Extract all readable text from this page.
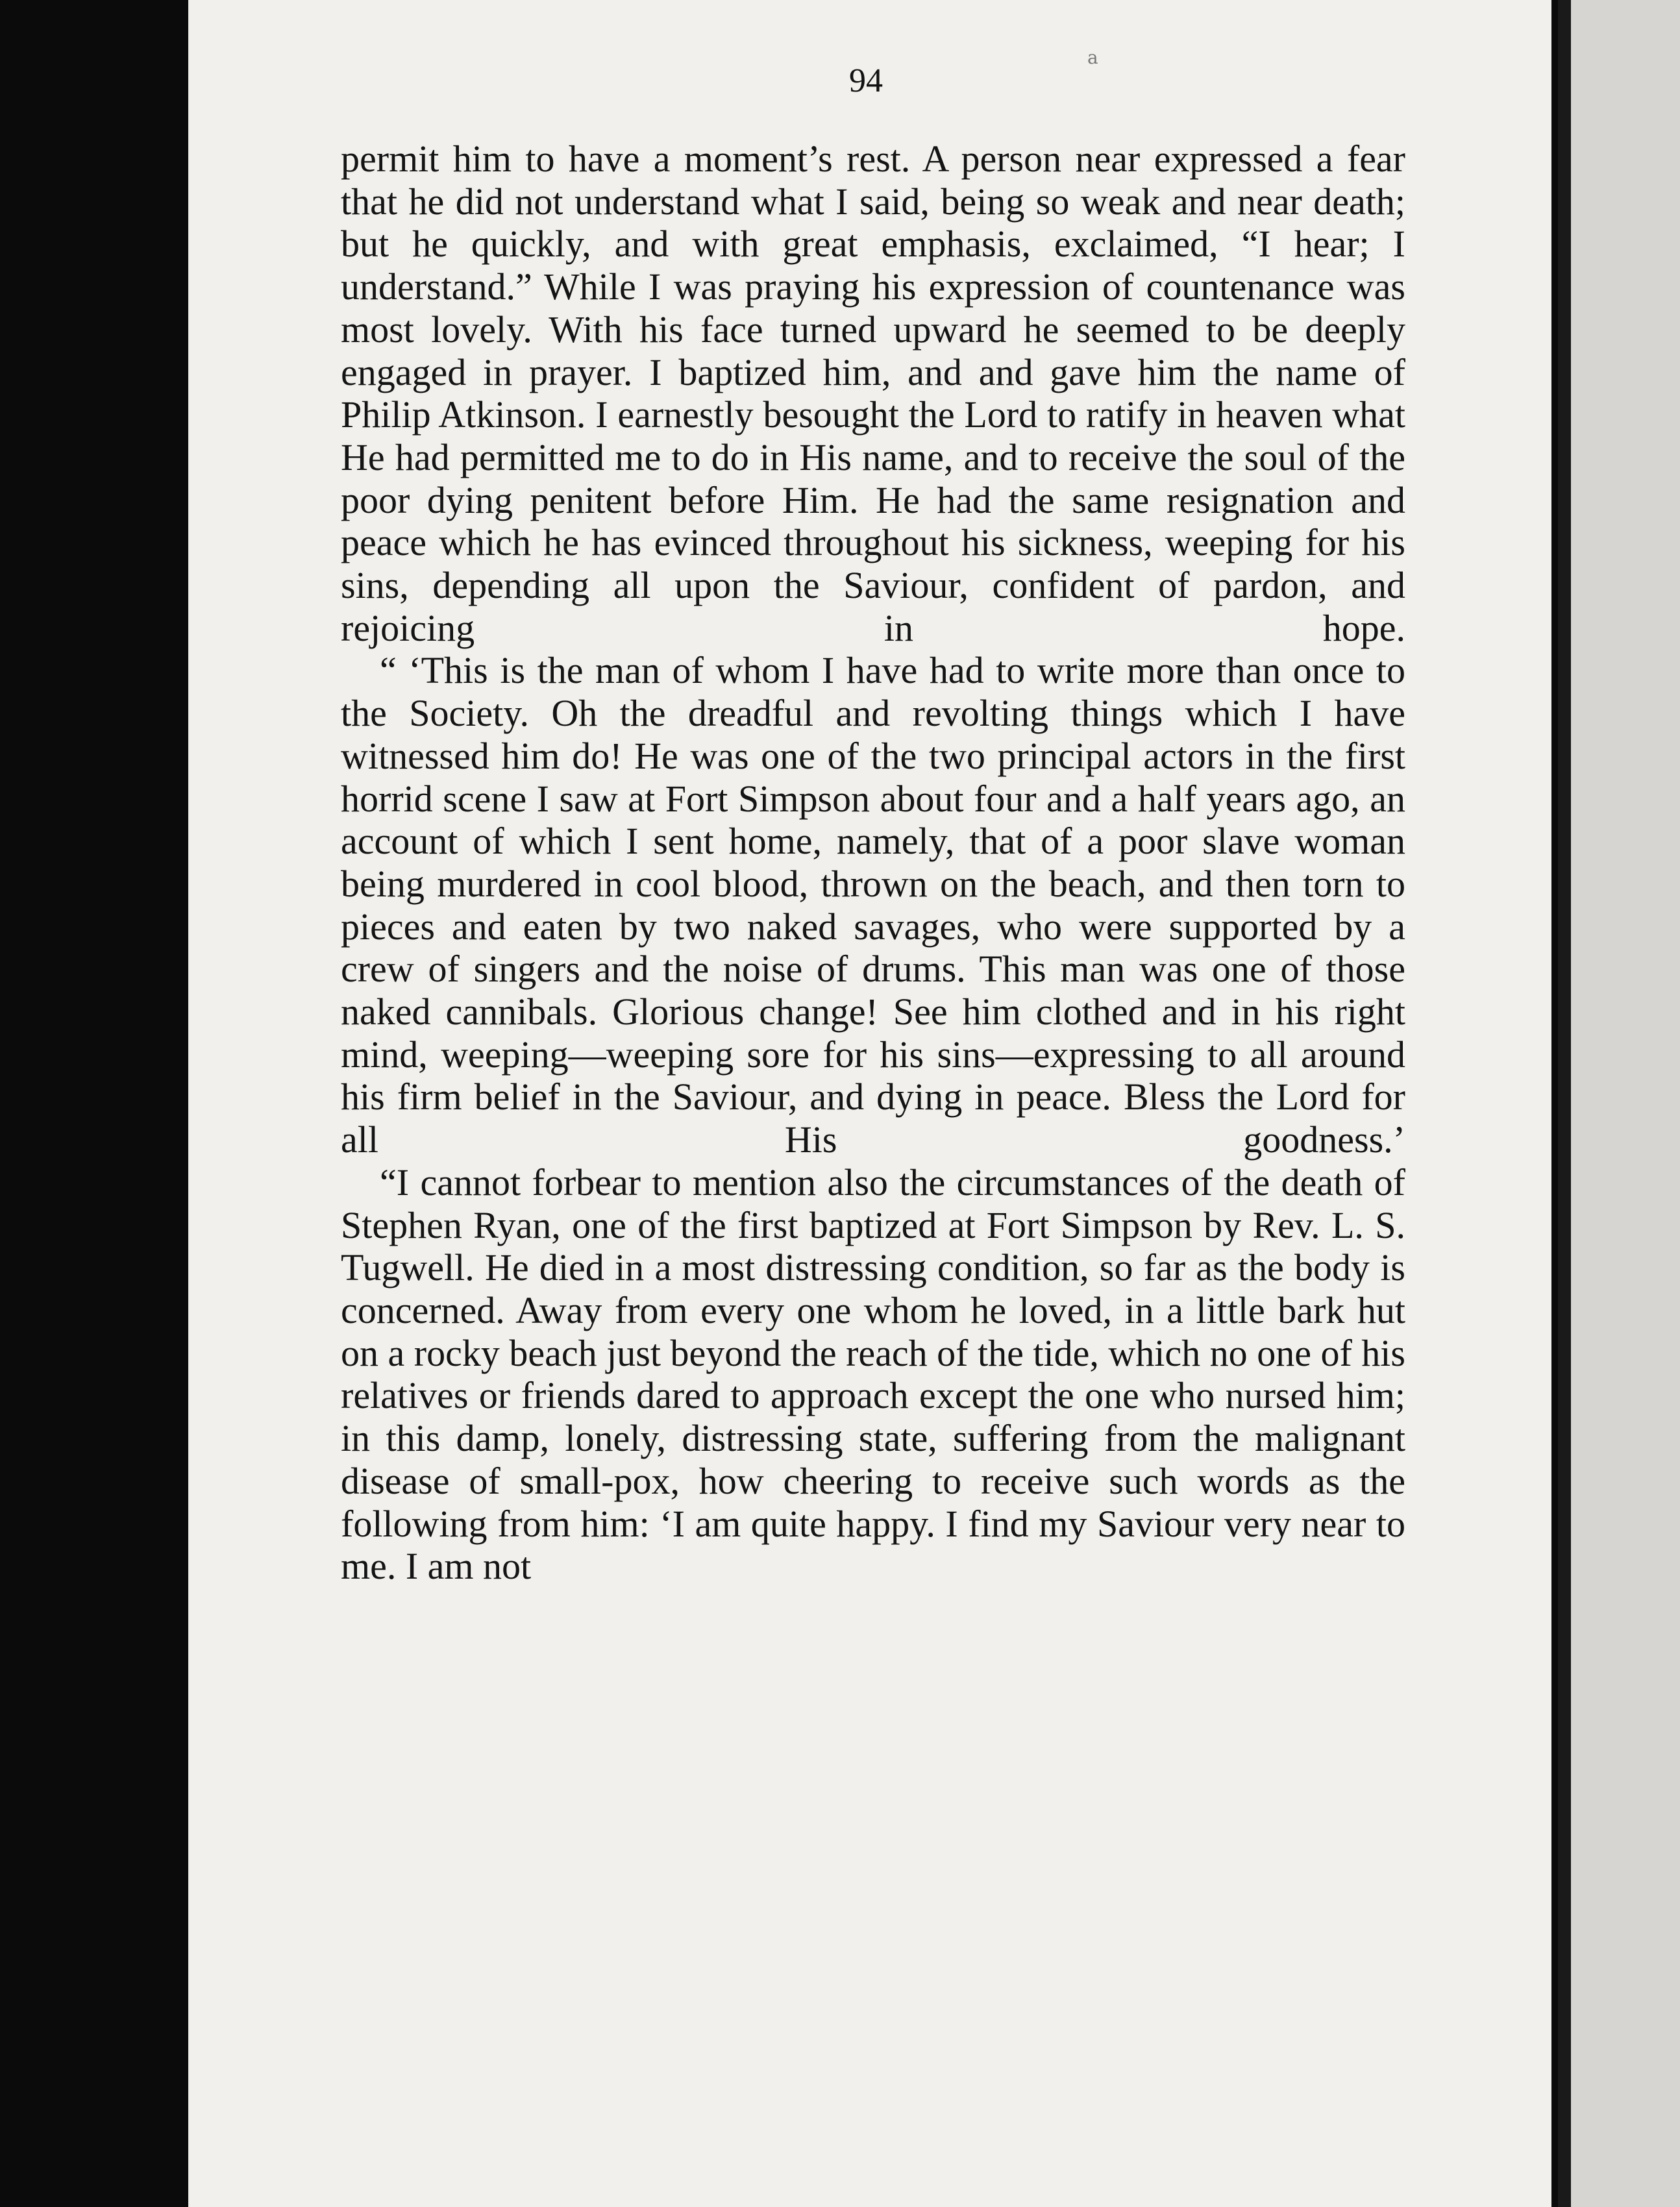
a
94

permit him to have a moment’s rest. A person near expressed a fear that he did not understand what I said, being so weak and near death; but he quickly, and with great emphasis, exclaimed, “I hear; I understand.” While I was praying his expression of countenance was most lovely. With his face turned upward he seemed to be deeply engaged in prayer. I baptized him, and and gave him the name of Philip Atkinson. I earnestly besought the Lord to ratify in heaven what He had permitted me to do in His name, and to receive the soul of the poor dying penitent before Him. He had the same resignation and peace which he has evinced throughout his sickness, weeping for his sins, depending all upon the Saviour, confident of pardon, and rejoicing in hope.

“ ‘This is the man of whom I have had to write more than once to the Society. Oh the dreadful and revolting things which I have witnessed him do! He was one of the two principal actors in the first horrid scene I saw at Fort Simpson about four and a half years ago, an account of which I sent home, namely, that of a poor slave woman being murdered in cool blood, thrown on the beach, and then torn to pieces and eaten by two naked savages, who were supported by a crew of singers and the noise of drums. This man was one of those naked cannibals. Glorious change! See him clothed and in his right mind, weeping—weeping sore for his sins—expressing to all around his firm belief in the Saviour, and dying in peace. Bless the Lord for all His goodness.’

“I cannot forbear to mention also the circumstances of the death of Stephen Ryan, one of the first baptized at Fort Simpson by Rev. L. S. Tugwell. He died in a most distressing condition, so far as the body is concerned. Away from every one whom he loved, in a little bark hut on a rocky beach just beyond the reach of the tide, which no one of his relatives or friends dared to approach except the one who nursed him; in this damp, lonely, distressing state, suffering from the malignant disease of small-pox, how cheering to receive such words as the following from him: ‘I am quite happy. I find my Saviour very near to me. I am not
